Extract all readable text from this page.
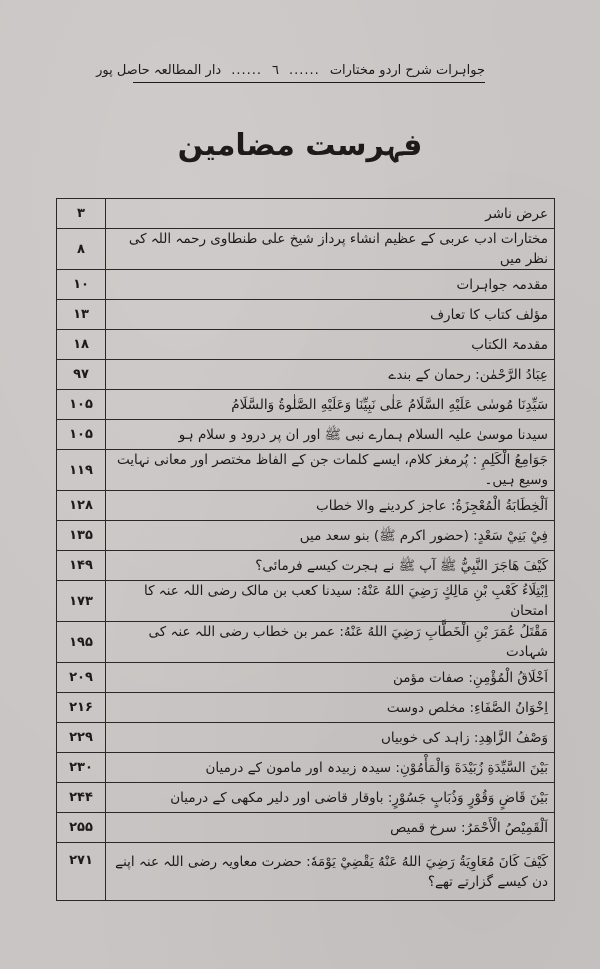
جواہرات شرح اردو مختارات
......
٦
......
دار المطالعہ حاصل پور
فہرست مضامین
عرض ناشر	۳
مختارات ادب عربی کے عظیم انشاء پرداز شیخ علی طنطاوی رحمہ اللہ کی نظر میں	۸
مقدمہ جواہرات	۱۰
مؤلف کتاب کا تعارف	۱۳
مقدمۃ الکتاب	۱۸
عِبَادُ الرَّحْمٰن: رحمان کے بندے	۹۷
سَيِّدِنَا مُوسٰى عَلَيْهِ السَّلَامُ عَلٰى نَبِيِّنَا وَعَلَيْهِ الصَّلٰوةُ وَالسَّلَامُ	۱۰۵
سیدنا موسیٰ علیہ السلام ہمارے نبی ﷺ اور ان پر درود و سلام ہو	۱۰۵
جَوَامِعُ الْكَلِمِ : پُرمغز کلام، ایسے کلمات جن کے الفاظ مختصر اور معانی نہایت وسیع ہیں۔	۱۱۹
اَلْخِطَابَةُ الْمُعْجِزَةُ: عاجز کردینے والا خطاب	۱۲۸
فِيْ بَنِيْ سَعْدٍ: (حضور اکرم ﷺ) بنو سعد میں	۱۳۵
كَيْفَ هَاجَرَ النَّبِيُّ ﷺ آپ ﷺ نے ہجرت کیسے فرمائی؟	۱۴۹
اِبْتِلَاءُ كَعْبِ بْنِ مَالِكٍ رَضِيَ اللهُ عَنْهُ: سیدنا کعب بن مالک رضی اللہ عنہ کا امتحان	۱۷۳
مَقْتَلُ عُمَرَ بْنِ الْخَطَّابِ رَضِيَ اللهُ عَنْهُ: عمر بن خطاب رضی اللہ عنہ کی شہادت	۱۹۵
اَخْلَاقُ الْمُؤْمِنِ: صفات مؤمن	۲۰۹
اِخْوَانُ الصَّفَاءِ: مخلص دوست	۲۱۶
وَصْفُ الزَّاهِدِ: زاہد کی خوبیاں	۲۲۹
بَيْنَ السَّيِّدَةِ زُبَيْدَةَ وَالْمَأْمُوْنِ: سیدہ زبیدہ اور مامون کے درمیان	۲۳۰
بَيْنَ قَاضٍ وَقُوْرٍ وَذُبَابٍ جَسُوْرٍ: باوقار قاضی اور دلیر مکھی کے درمیان	۲۴۴
اَلْقَمِيْصُ الْأَحْمَرُ: سرخ قمیص	۲۵۵
كَيْفَ كَانَ مُعَاوِيَةُ رَضِيَ اللهُ عَنْهُ يَقْضِيْ يَوْمَهٗ: حضرت معاویہ رضی اللہ عنہ اپنے دن کیسے گزارتے تھے؟	۲۷۱
